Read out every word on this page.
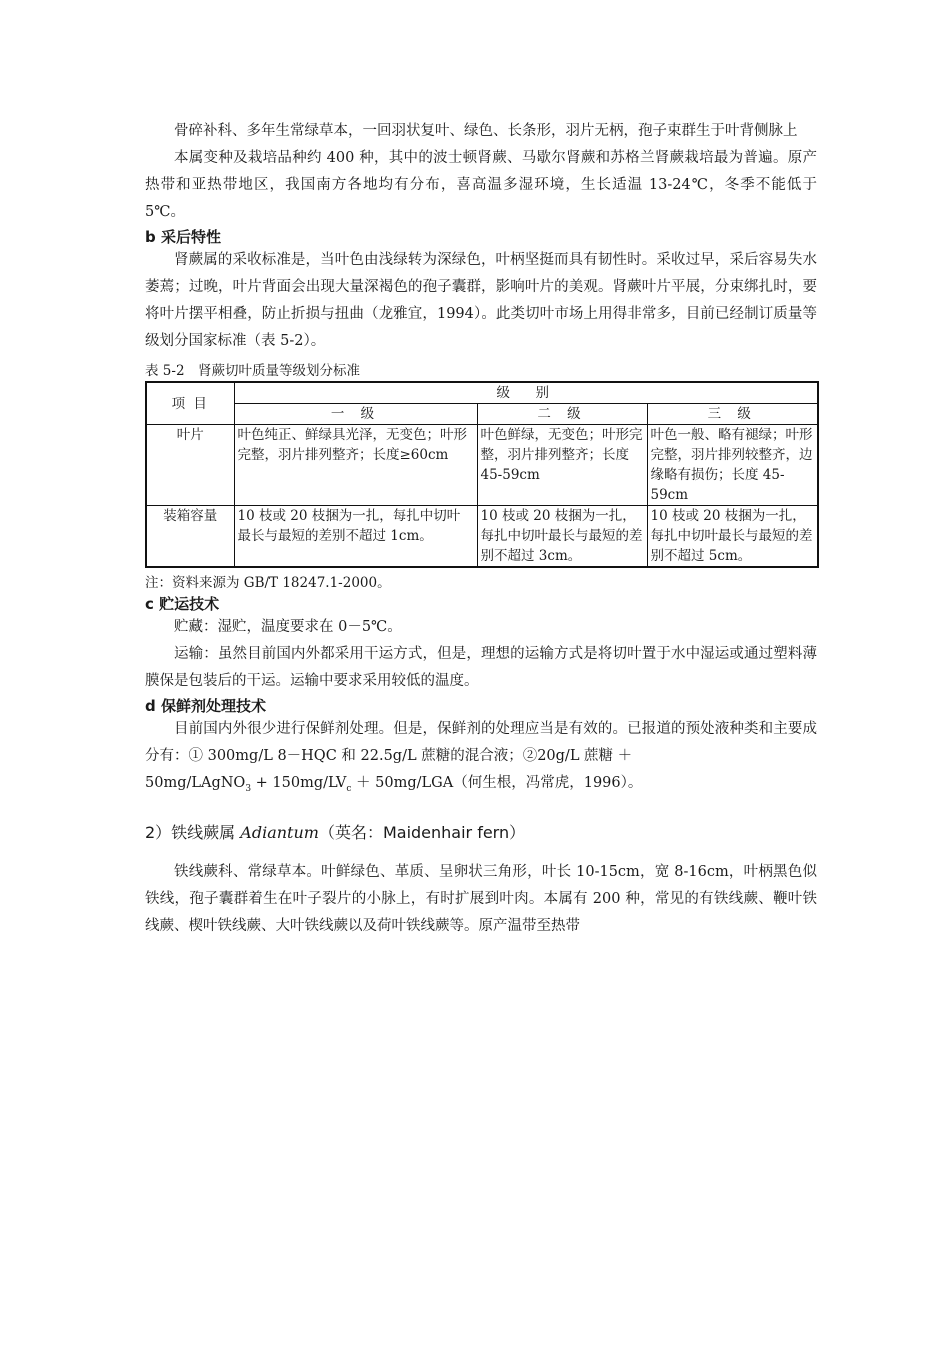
骨碎补科、多年生常绿草本，一回羽状复叶、绿色、长条形，羽片无柄，孢子束群生于叶背侧脉上

本属变种及栽培品种约 400 种，其中的波士顿肾蕨、马歇尔肾蕨和苏格兰肾蕨栽培最为普遍。原产热带和亚热带地区，我国南方各地均有分布，喜高温多湿环境，生长适温 13-24℃，冬季不能低于 5℃。

b 采后特性

肾蕨属的采收标准是，当叶色由浅绿转为深绿色，叶柄坚挺而具有韧性时。采收过早，采后容易失水萎蔫；过晚，叶片背面会出现大量深褐色的孢子囊群，影响叶片的美观。肾蕨叶片平展，分束绑扎时，要将叶片摆平相叠，防止折损与扭曲（龙雅宜，1994）。此类切叶市场上用得非常多，目前已经制订质量等级划分国家标准（表 5-2）。

表 5-2　肾蕨切叶质量等级划分标准
项 目	级　别		
	一 级	二 级	三 级
叶片	叶色纯正、鲜绿具光泽，无变色；叶形完整，羽片排列整齐；长度≥60cm	叶色鲜绿，无变色；叶形完整，羽片排列整齐；长度 45-59cm	叶色一般、略有褪绿；叶形完整，羽片排列较整齐，边缘略有损伤；长度 45-59cm
装箱容量	10 枝或 20 枝捆为一扎，每扎中切叶最长与最短的差别不超过 1cm。	10 枝或 20 枝捆为一扎，每扎中切叶最长与最短的差别不超过 3cm。	10 枝或 20 枝捆为一扎，每扎中切叶最长与最短的差别不超过 5cm。
注：资料来源为 GB/T 18247.1-2000。
c 贮运技术

贮藏：湿贮，温度要求在 0－5℃。

运输：虽然目前国内外都采用干运方式，但是，理想的运输方式是将切叶置于水中湿运或通过塑料薄膜保是包装后的干运。运输中要求采用较低的温度。

d 保鲜剂处理技术

目前国内外很少进行保鲜剂处理。但是，保鲜剂的处理应当是有效的。已报道的预处液种类和主要成分有：① 300mg/L 8－HQC 和 22.5g/L 蔗糖的混合液；②20g/L 蔗糖 ＋

50mg/LAgNO$_3$ + $150mg/LV_c + 50mg/LGA$（何生根，冯常虎，1996）。

2）铁线蕨属 Adiantum（英名：Maidenhair fern）

铁线蕨科、常绿草本。叶鲜绿色、革质、呈卵状三角形，叶长 10-15cm，宽 8-16cm，叶柄黑色似铁线，孢子囊群着生在叶子裂片的小脉上，有时扩展到叶肉。本属有 200 种，常见的有铁线蕨、鞭叶铁线蕨、楔叶铁线蕨、大叶铁线蕨以及荷叶铁线蕨等。原产温带至热带
